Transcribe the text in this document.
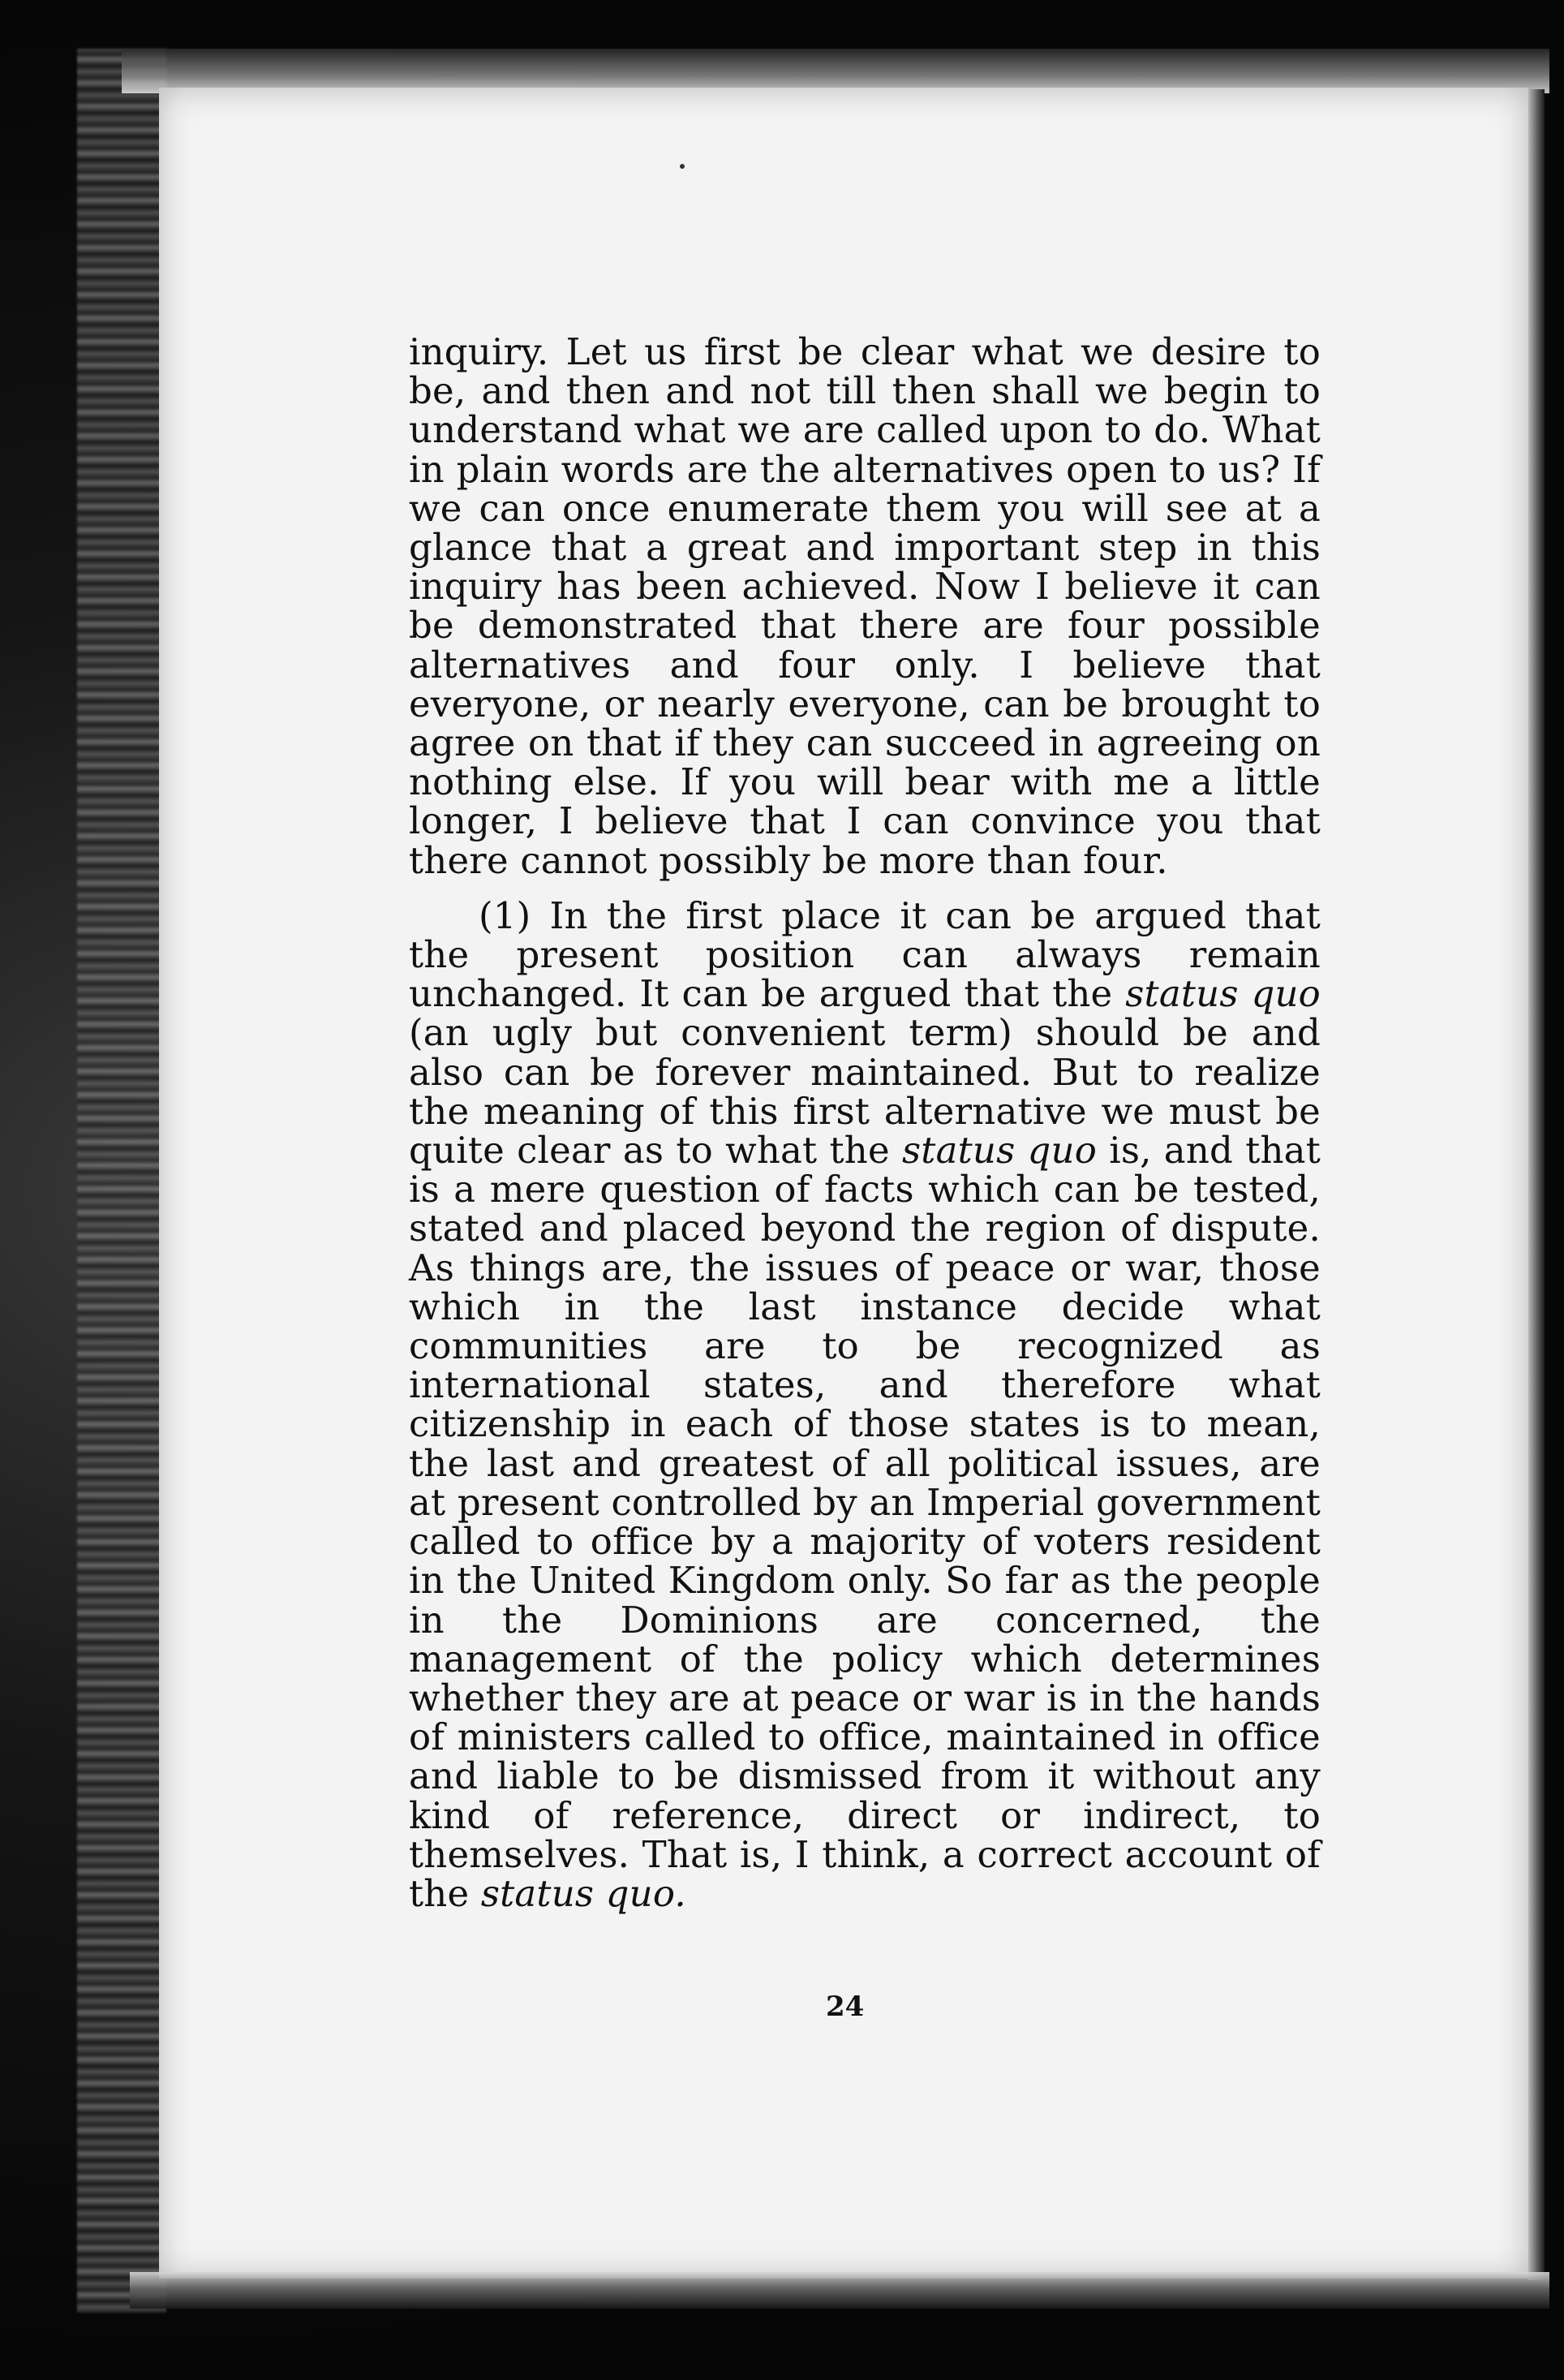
inquiry. Let us first be clear what we desire to be, and then and not till then shall we begin to understand what we are called upon to do. What in plain words are the alternatives open to us? If we can once enumerate them you will see at a glance that a great and important step in this inquiry has been achieved. Now I believe it can be demonstrated that there are four possible alternatives and four only. I believe that everyone, or nearly everyone, can be brought to agree on that if they can succeed in agreeing on nothing else. If you will bear with me a little longer, I believe that I can convince you that there cannot possibly be more than four.

(1) In the first place it can be argued that the present position can always remain unchanged. It can be argued that the status quo (an ugly but convenient term) should be and also can be forever maintained. But to realize the meaning of this first alternative we must be quite clear as to what the status quo is, and that is a mere question of facts which can be tested, stated and placed beyond the region of dispute. As things are, the issues of peace or war, those which in the last instance decide what communities are to be recognized as international states, and therefore what citizenship in each of those states is to mean, the last and greatest of all political issues, are at present controlled by an Imperial government called to office by a majority of voters resident in the United Kingdom only. So far as the people in the Dominions are concerned, the management of the policy which determines whether they are at peace or war is in the hands of ministers called to office, maintained in office and liable to be dismissed from it without any kind of reference, direct or indirect, to themselves. That is, I think, a correct account of the status quo.

24
